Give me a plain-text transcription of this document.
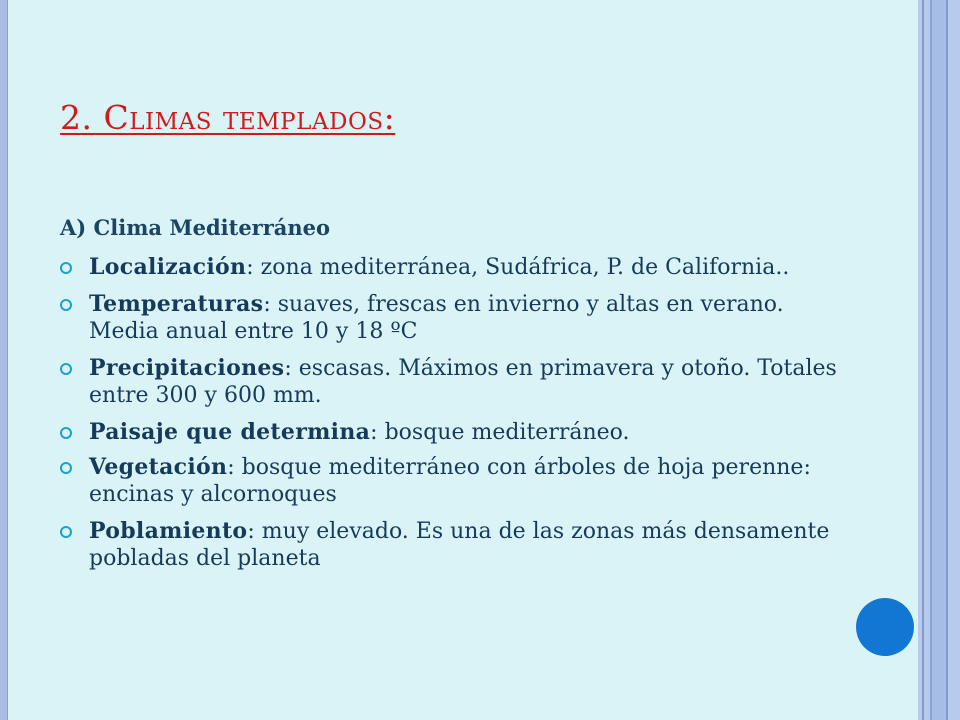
2. Climas templados:
A) Clima Mediterráneo
Localización: zona mediterránea, Sudáfrica, P. de California..
Temperaturas: suaves, frescas en invierno y altas en verano. Media anual entre 10 y 18 ºC
Precipitaciones: escasas. Máximos en primavera y otoño. Totales entre 300 y 600 mm.
Paisaje que determina: bosque mediterráneo.
Vegetación: bosque mediterráneo con árboles de hoja perenne: encinas y alcornoques
Poblamiento: muy elevado. Es una de las zonas más densamente pobladas del planeta
